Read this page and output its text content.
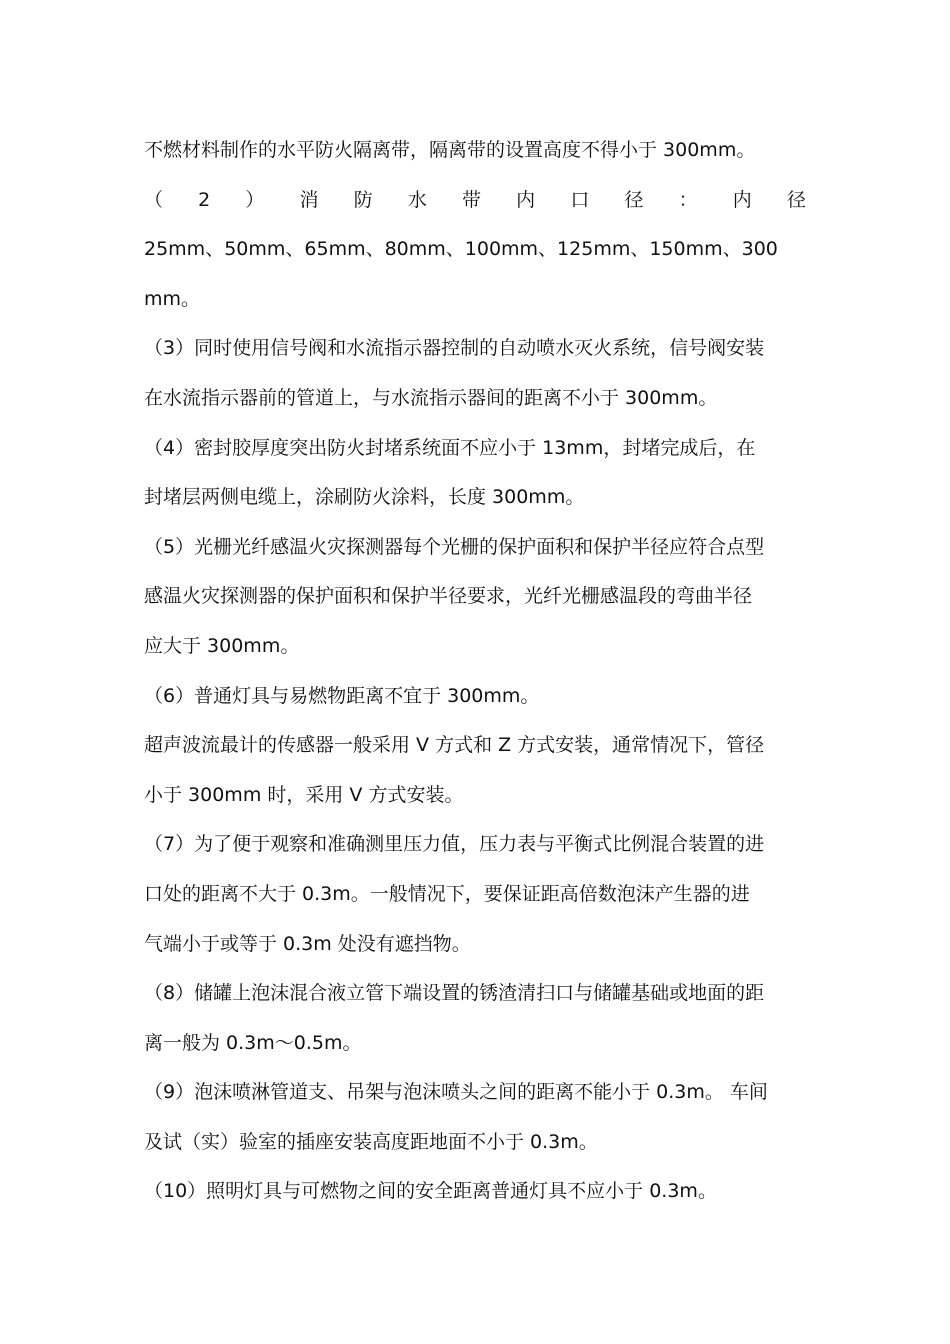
不燃材料制作的水平防火隔离带，隔离带的设置高度不得小于 300mm。
（ 2 ） 消 防 水 带 内 口 径 ： 内 径
25mm、50mm、65mm、80mm、100mm、125mm、150mm、300
mm。
（3）同时使用信号阀和水流指示器控制的自动喷水灭火系统，信号阀安装
在水流指示器前的管道上，与水流指示器间的距离不小于 300mm。
（4）密封胶厚度突出防火封堵系统面不应小于 13mm，封堵完成后，在
封堵层两侧电缆上，涂刷防火涂料，长度 300mm。
（5）光栅光纤感温火灾探测器每个光栅的保护面积和保护半径应符合点型
感温火灾探测器的保护面积和保护半径要求，光纤光栅感温段的弯曲半径
应大于 300mm。
（6）普通灯具与易燃物距离不宜于 300mm。
超声波流最计的传感器一般采用 V 方式和 Z 方式安装，通常情况下，管径
小于 300mm 时，采用 V 方式安装。
（7）为了便于观察和准确测里压力值，压力表与平衡式比例混合装置的进
口处的距离不大于 0.3m。一般情况下，要保证距高倍数泡沫产生器的进
气端小于或等于 0.3m 处没有遮挡物。
（8）储罐上泡沫混合液立管下端设置的锈渣清扫口与储罐基础或地面的距
离一般为 0.3m～0.5m。
（9）泡沫喷淋管道支、吊架与泡沫喷头之间的距离不能小于 0.3m。 车间
及试（实）验室的插座安装高度距地面不小于 0.3m。
（10）照明灯具与可燃物之间的安全距离普通灯具不应小于 0.3m。
